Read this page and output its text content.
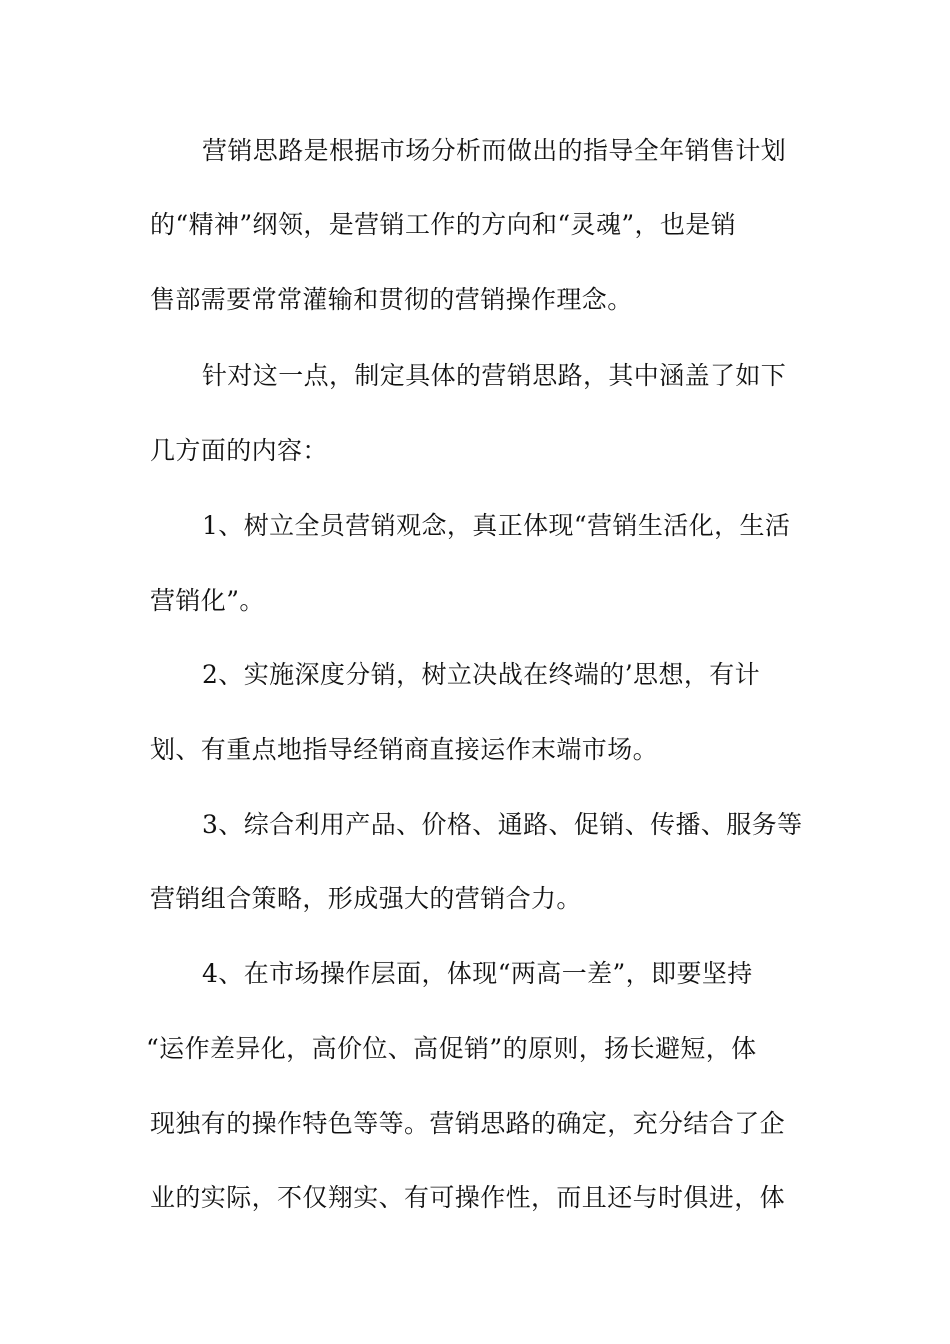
营销思路是根据市场分析而做出的指导全年销售计划
的“精神”纲领，是营销工作的方向和“灵魂”，也是销
售部需要常常灌输和贯彻的营销操作理念。
针对这一点，制定具体的营销思路，其中涵盖了如下
几方面的内容：
1、树立全员营销观念，真正体现“营销生活化，生活
营销化”。
2、实施深度分销，树立决战在终端的’思想，有计
划、有重点地指导经销商直接运作末端市场。
3、综合利用产品、价格、通路、促销、传播、服务等
营销组合策略，形成强大的营销合力。
4、在市场操作层面，体现“两高一差”，即要坚持
“运作差异化，高价位、高促销”的原则，扬长避短，体
现独有的操作特色等等。营销思路的确定，充分结合了企
业的实际，不仅翔实、有可操作性，而且还与时俱进，体
